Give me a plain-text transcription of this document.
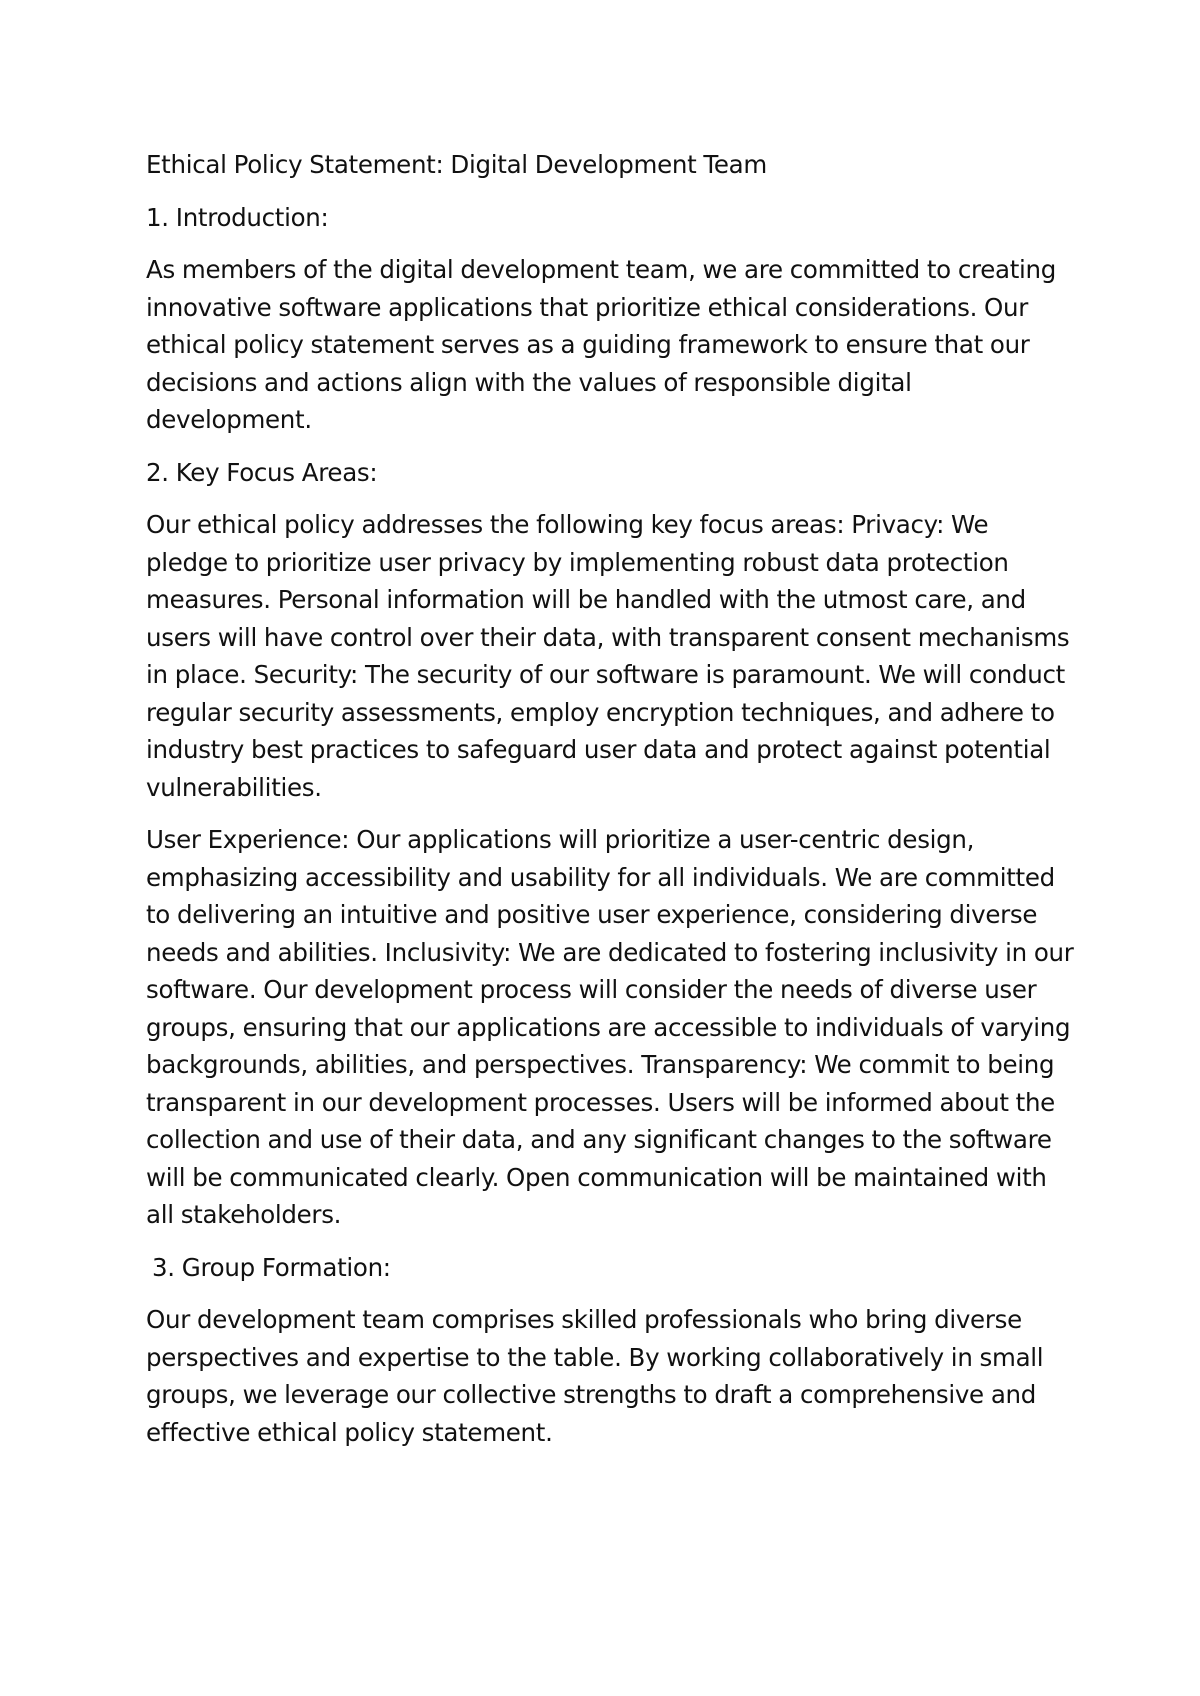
Ethical Policy Statement: Digital Development Team

1. Introduction:

As members of the digital development team, we are committed to creating innovative software applications that prioritize ethical considerations. Our ethical policy statement serves as a guiding framework to ensure that our decisions and actions align with the values of responsible digital development.

2. Key Focus Areas:

Our ethical policy addresses the following key focus areas: Privacy: We pledge to prioritize user privacy by implementing robust data protection measures. Personal information will be handled with the utmost care, and users will have control over their data, with transparent consent mechanisms in place. Security: The security of our software is paramount. We will conduct regular security assessments, employ encryption techniques, and adhere to industry best practices to safeguard user data and protect against potential vulnerabilities.

User Experience: Our applications will prioritize a user-centric design, emphasizing accessibility and usability for all individuals. We are committed to delivering an intuitive and positive user experience, considering diverse needs and abilities. Inclusivity: We are dedicated to fostering inclusivity in our software. Our development process will consider the needs of diverse user groups, ensuring that our applications are accessible to individuals of varying backgrounds, abilities, and perspectives. Transparency: We commit to being transparent in our development processes. Users will be informed about the collection and use of their data, and any significant changes to the software will be communicated clearly. Open communication will be maintained with all stakeholders.

3. Group Formation:

Our development team comprises skilled professionals who bring diverse perspectives and expertise to the table. By working collaboratively in small groups, we leverage our collective strengths to draft a comprehensive and effective ethical policy statement.
